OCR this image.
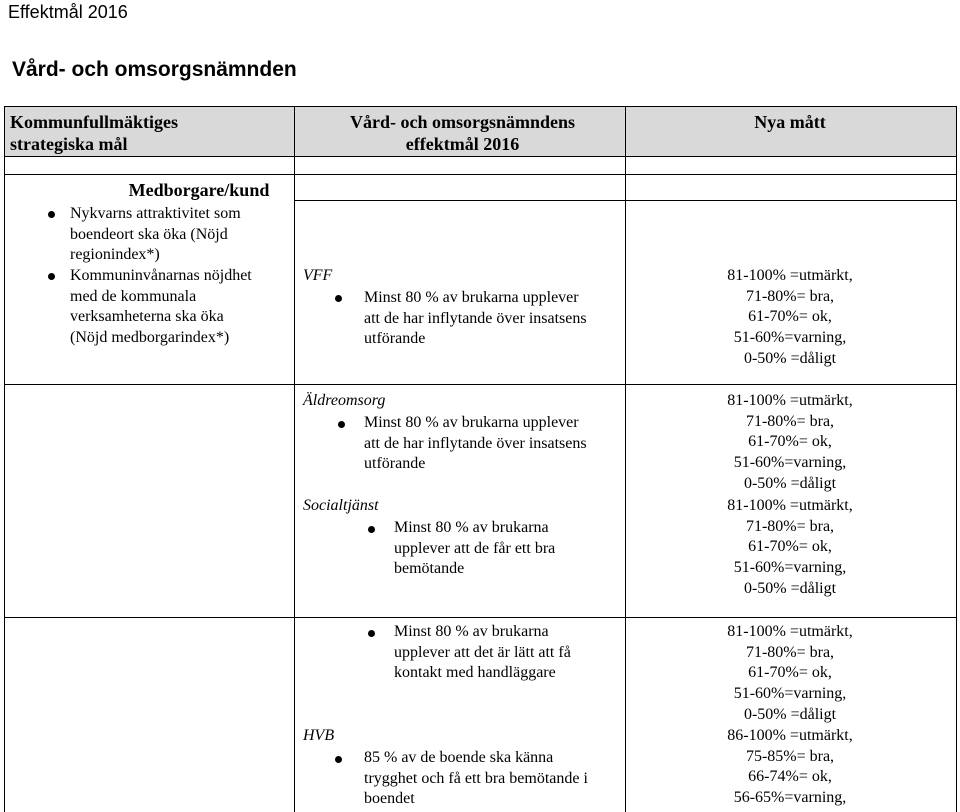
Effektmål 2016
Vård- och omsorgsnämnden
Kommunfullmäktiges
strategiska mål
Vård- och omsorgsnämndens
effektmål 2016
Nya mått
Medborgare/kund
Nykvarns attraktivitet som
boendeort ska öka (Nöjd
regionindex*)
Kommuninvånarnas nöjdhet
med de kommunala
verksamheterna ska öka
(Nöjd medborgarindex*)
VFF
Minst 80 % av brukarna upplever
att de har inflytande över insatsens
utförande
81-100% =utmärkt,
71-80%= bra,
61-70%= ok,
51-60%=varning,
0-50% =dåligt
Äldreomsorg
Minst 80 % av brukarna upplever
att de har inflytande över insatsens
utförande
81-100% =utmärkt,
71-80%= bra,
61-70%= ok,
51-60%=varning,
0-50% =dåligt
Socialtjänst
Minst 80 % av brukarna
upplever att de får ett bra
bemötande
81-100% =utmärkt,
71-80%= bra,
61-70%= ok,
51-60%=varning,
0-50% =dåligt
Minst 80 % av brukarna
upplever att det är lätt att få
kontakt med handläggare
81-100% =utmärkt,
71-80%= bra,
61-70%= ok,
51-60%=varning,
0-50% =dåligt
HVB
85 % av de boende ska känna
trygghet och få ett bra bemötande i
boendet
86-100% =utmärkt,
75-85%= bra,
66-74%= ok,
56-65%=varning,
